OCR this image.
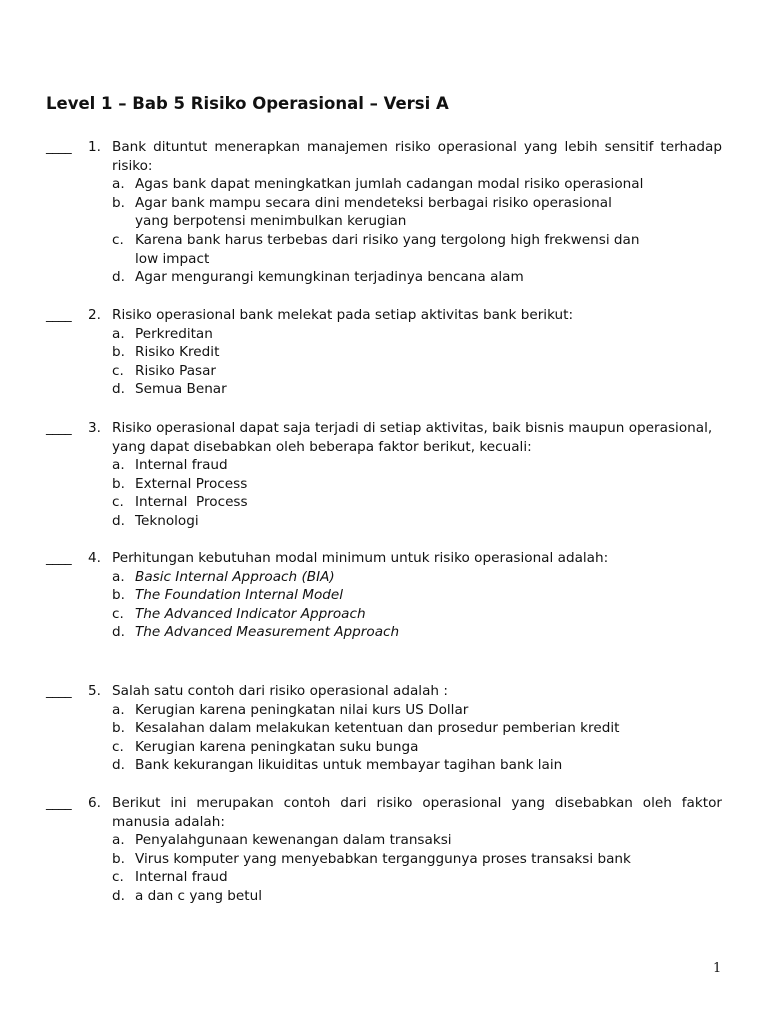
Level 1 – Bab 5 Risiko Operasional – Versi A
____	1. Bank dituntut menerapkan manajemen risiko operasional yang lebih sensitif terhadap risiko:
a. Agas bank dapat meningkatkan jumlah cadangan modal risiko operasional
b. Agar bank mampu secara dini mendeteksi berbagai risiko operasional yang berpotensi menimbulkan kerugian
c. Karena bank harus terbebas dari risiko yang tergolong high frekwensi dan low impact
d. Agar mengurangi kemungkinan terjadinya bencana alam
____	2. Risiko operasional bank melekat pada setiap aktivitas bank berikut:
a. Perkreditan
b. Risiko Kredit
c. Risiko Pasar
d. Semua Benar
____	3. Risiko operasional dapat saja terjadi di setiap aktivitas, baik bisnis maupun operasional, yang dapat disebabkan oleh beberapa faktor berikut, kecuali:
a. Internal fraud
b. External Process
c. Internal  Process
d. Teknologi
____	4. Perhitungan kebutuhan modal minimum untuk risiko operasional adalah:
a. Basic Internal Approach (BIA)
b. The Foundation Internal Model
c. The Advanced Indicator Approach
d. The Advanced Measurement Approach
____	5. Salah satu contoh dari risiko operasional adalah :
a. Kerugian karena peningkatan nilai kurs US Dollar
b. Kesalahan dalam melakukan ketentuan dan prosedur pemberian kredit
c. Kerugian karena peningkatan suku bunga
d. Bank kekurangan likuiditas untuk membayar tagihan bank lain
____	6. Berikut ini merupakan contoh dari risiko operasional yang disebabkan oleh faktor manusia adalah:
a. Penyalahgunaan kewenangan dalam transaksi
b. Virus komputer yang menyebabkan terganggunya proses transaksi bank
c. Internal fraud
d. a dan c yang betul
1
